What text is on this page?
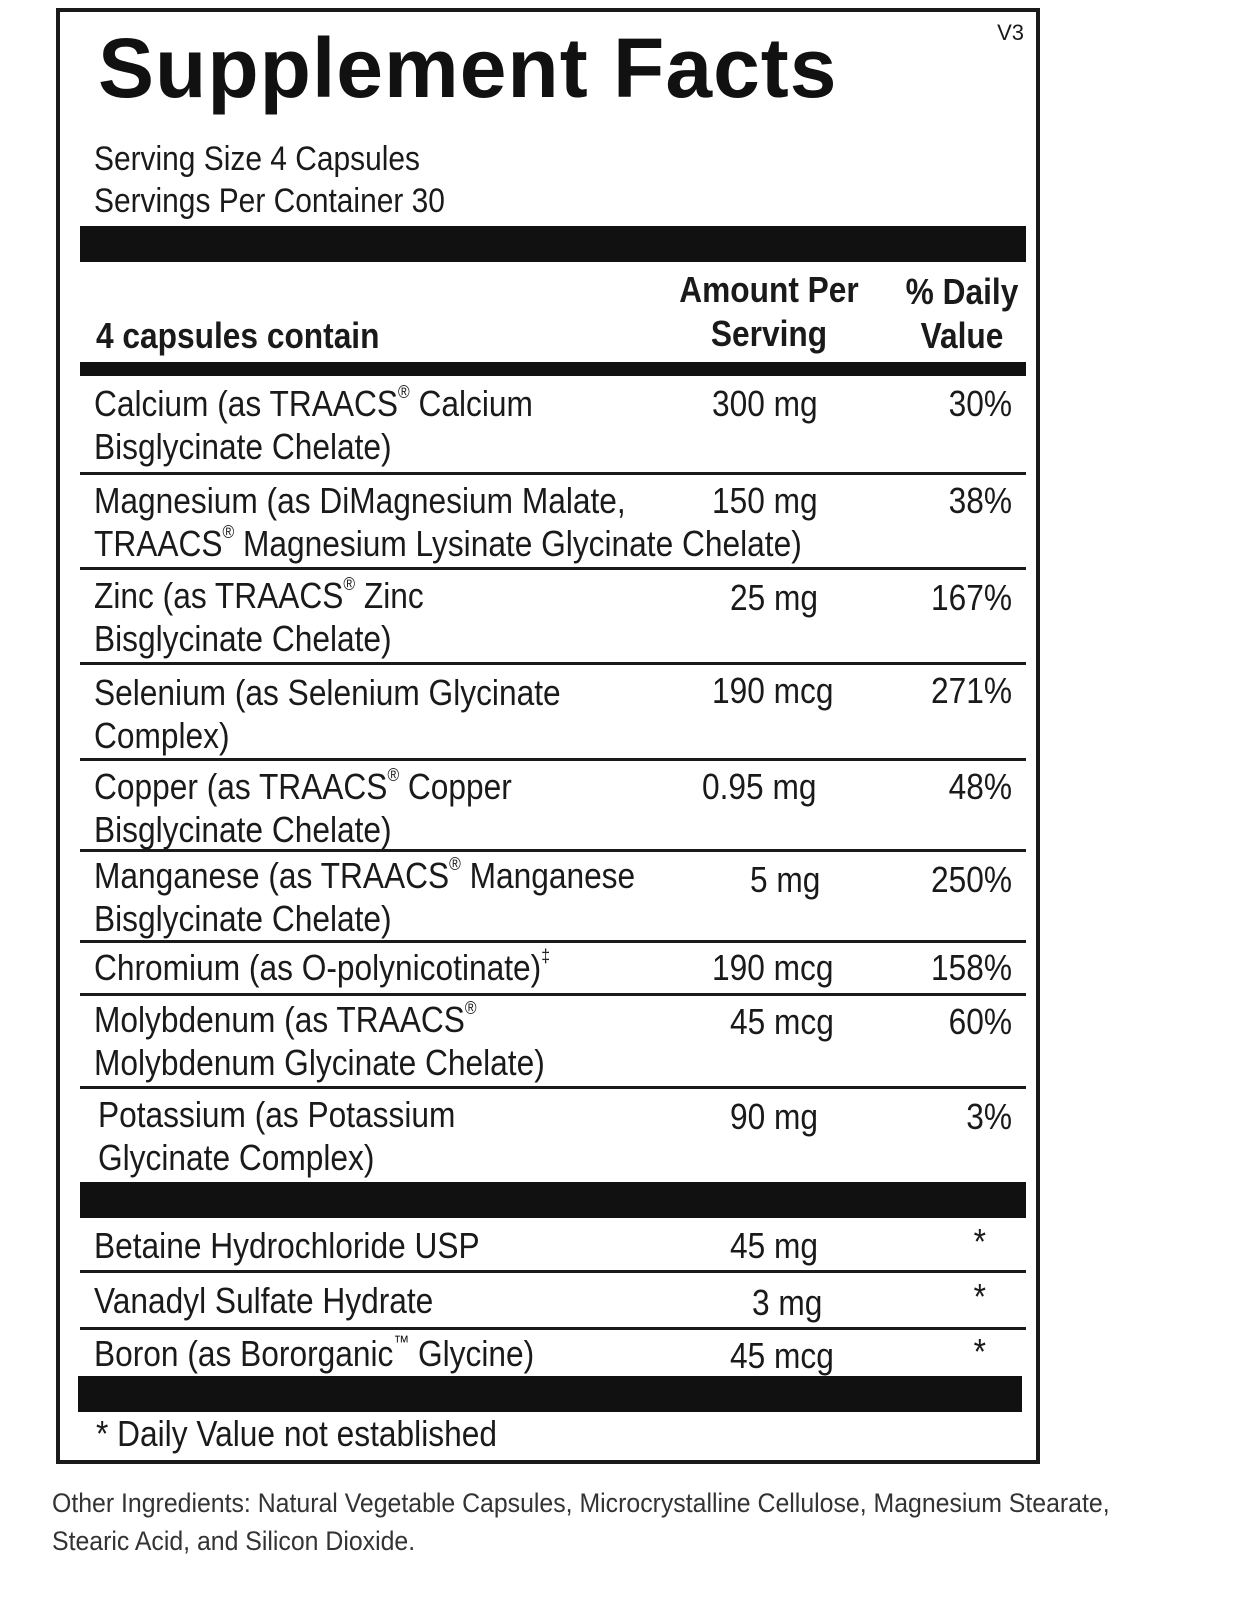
V3
Supplement Facts
Serving Size 4 Capsules
Servings Per Container 30
4 capsules contain
Amount Per
Serving
% Daily
Value
Calcium (as TRAACS® Calcium
Bisglycinate Chelate)
300 mg	30%
Magnesium (as DiMagnesium Malate,
TRAACS® Magnesium Lysinate Glycinate Chelate)
150 mg	38%
Zinc (as TRAACS® Zinc
Bisglycinate Chelate)
25 mg	167%
Selenium (as Selenium Glycinate
Complex)
190 mcg	271%
Copper (as TRAACS® Copper
Bisglycinate Chelate)
0.95 mg	48%
Manganese (as TRAACS® Manganese
Bisglycinate Chelate)
5 mg	250%
Chromium (as O-polynicotinate)‡	190 mcg	158%
Molybdenum (as TRAACS®
Molybdenum Glycinate Chelate)
45 mcg	60%
Potassium (as Potassium
Glycinate Complex)
90 mg	3%
Betaine Hydrochloride USP	45 mg	*
Vanadyl Sulfate Hydrate	3 mg	*
Boron (as Bororganic™ Glycine)	45 mcg	*
* Daily Value not established
Other Ingredients: Natural Vegetable Capsules, Microcrystalline Cellulose, Magnesium Stearate, Stearic Acid, and Silicon Dioxide.
